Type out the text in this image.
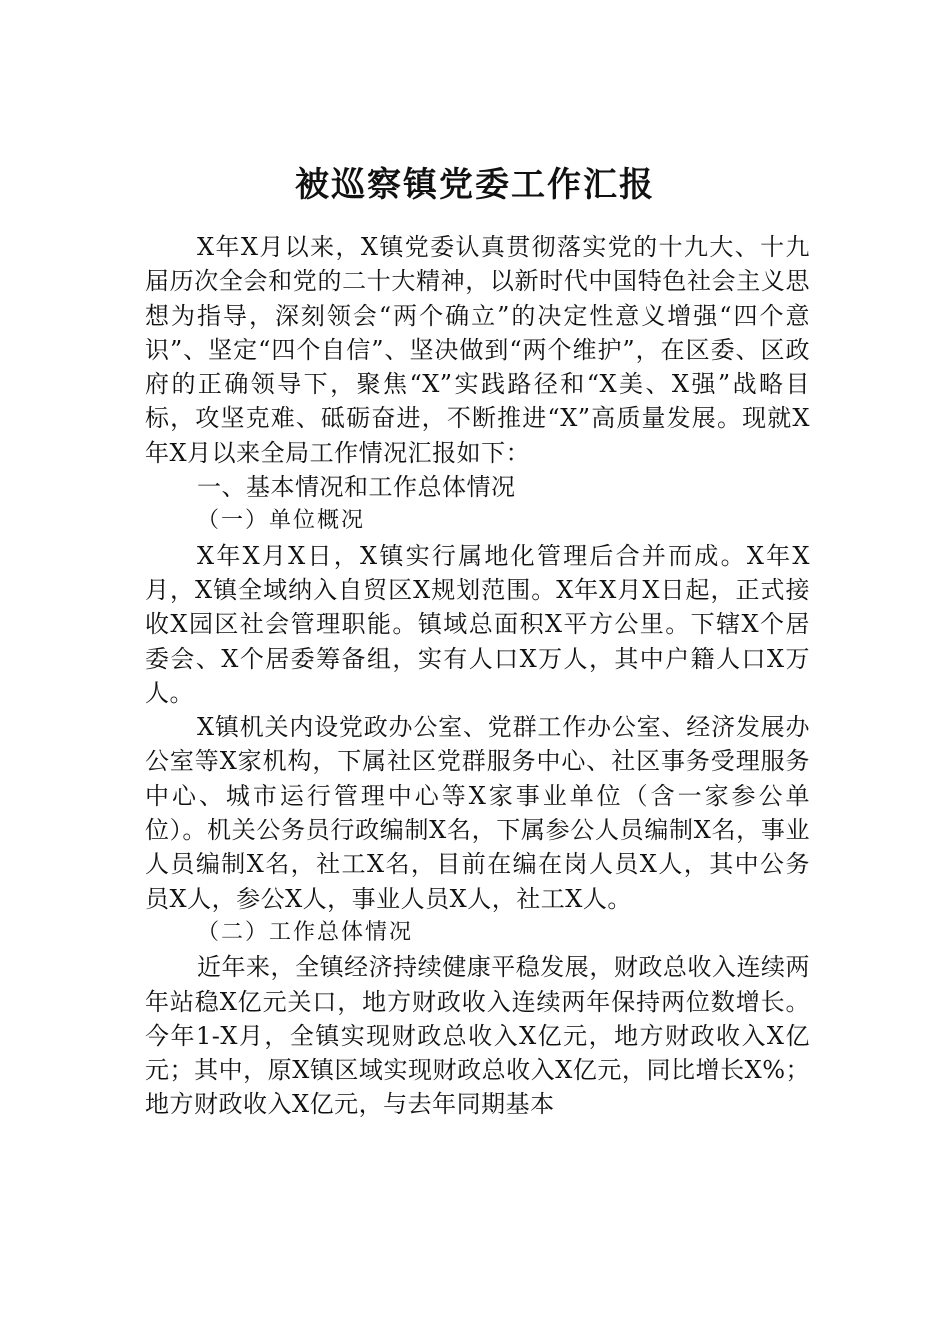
被巡察镇党委工作汇报

X年X月以来，X镇党委认真贯彻落实党的十九大、十九届历次全会和党的二十大精神，以新时代中国特色社会主义思想为指导，深刻领会“两个确立”的决定性意义增强“四个意识”、坚定“四个自信”、坚决做到“两个维护”，在区委、区政府的正确领导下，聚焦“X”实践路径和“X美、X强”战略目标，攻坚克难、砥砺奋进，不断推进“X”高质量发展。现就X年X月以来全局工作情况汇报如下：

一、基本情况和工作总体情况

（一）单位概况

X年X月X日，X镇实行属地化管理后合并而成。X年X月，X镇全域纳入自贸区X规划范围。X年X月X日起，正式接收X园区社会管理职能。镇域总面积X平方公里。下辖X个居委会、X个居委筹备组，实有人口X万人，其中户籍人口X万人。

X镇机关内设党政办公室、党群工作办公室、经济发展办公室等X家机构，下属社区党群服务中心、社区事务受理服务中心、城市运行管理中心等X家事业单位（含一家参公单位）。机关公务员行政编制X名，下属参公人员编制X名，事业人员编制X名，社工X名，目前在编在岗人员X人，其中公务员X人，参公X人，事业人员X人，社工X人。

（二）工作总体情况

近年来，全镇经济持续健康平稳发展，财政总收入连续两年站稳X亿元关口，地方财政收入连续两年保持两位数增长。今年1-X月，全镇实现财政总收入X亿元，地方财政收入X亿元；其中，原X镇区域实现财政总收入X亿元，同比增长X%；地方财政收入X亿元，与去年同期基本
